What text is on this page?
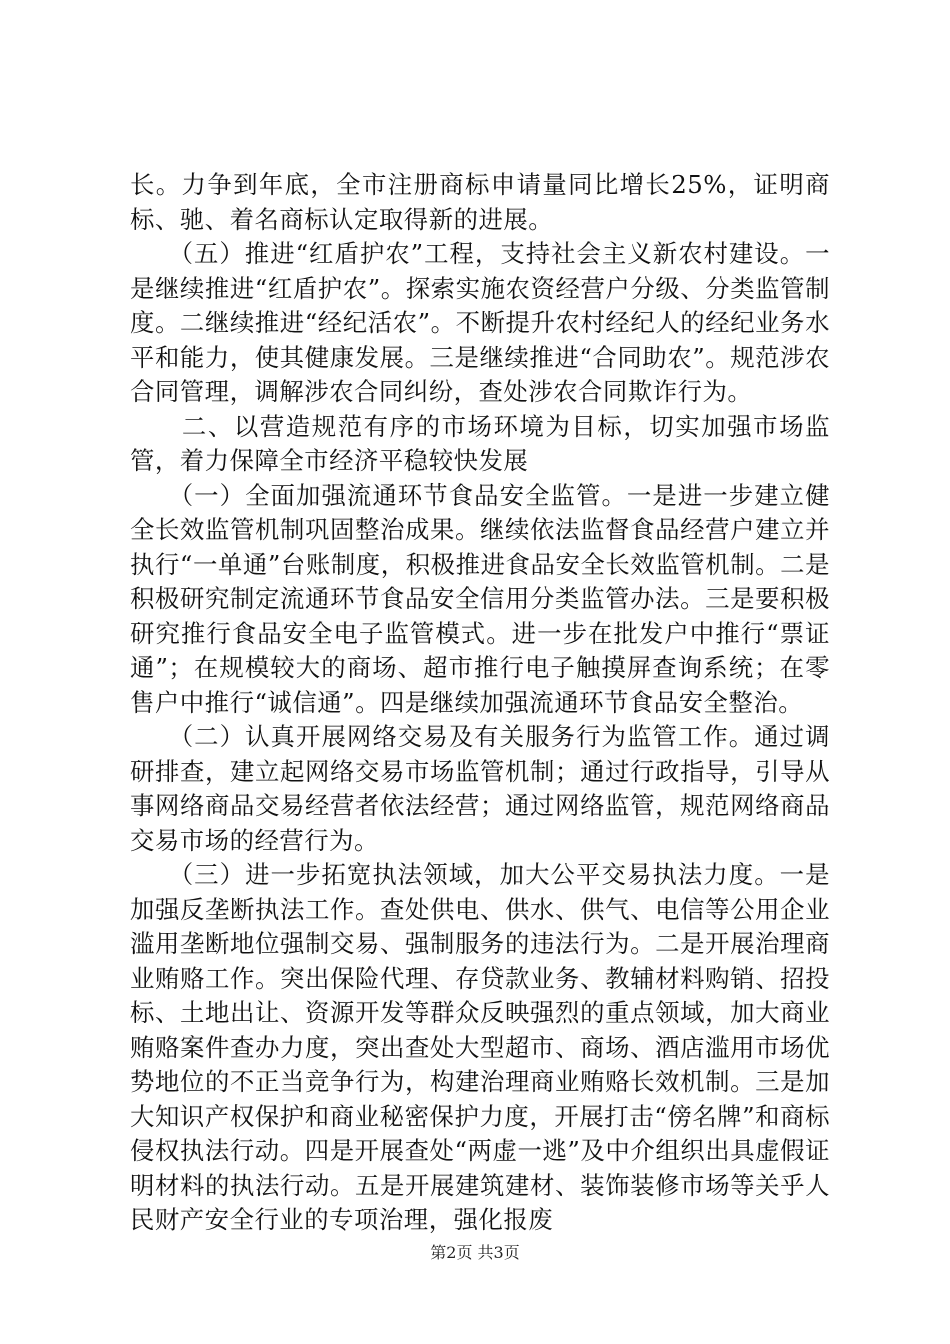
长。力争到年底，全市注册商标申请量同比增长25%，证明商标、驰、着名商标认定取得新的进展。

　　（五）推进“红盾护农”工程，支持社会主义新农村建设。一是继续推进“红盾护农”。探索实施农资经营户分级、分类监管制度。二继续推进“经纪活农”。不断提升农村经纪人的经纪业务水平和能力，使其健康发展。三是继续推进“合同助农”。规范涉农合同管理，调解涉农合同纠纷，查处涉农合同欺诈行为。

　　二、以营造规范有序的市场环境为目标，切实加强市场监管，着力保障全市经济平稳较快发展

　　（一）全面加强流通环节食品安全监管。一是进一步建立健全长效监管机制巩固整治成果。继续依法监督食品经营户建立并执行“一单通”台账制度，积极推进食品安全长效监管机制。二是积极研究制定流通环节食品安全信用分类监管办法。三是要积极研究推行食品安全电子监管模式。进一步在批发户中推行“票证通”；在规模较大的商场、超市推行电子触摸屏查询系统；在零售户中推行“诚信通”。四是继续加强流通环节食品安全整治。

　　（二）认真开展网络交易及有关服务行为监管工作。通过调研排查，建立起网络交易市场监管机制；通过行政指导，引导从事网络商品交易经营者依法经营；通过网络监管，规范网络商品交易市场的经营行为。

　　（三）进一步拓宽执法领域，加大公平交易执法力度。一是加强反垄断执法工作。查处供电、供水、供气、电信等公用企业滥用垄断地位强制交易、强制服务的违法行为。二是开展治理商业贿赂工作。突出保险代理、存贷款业务、教辅材料购销、招投标、土地出让、资源开发等群众反映强烈的重点领域，加大商业贿赂案件查办力度，突出查处大型超市、商场、酒店滥用市场优势地位的不正当竞争行为，构建治理商业贿赂长效机制。三是加大知识产权保护和商业秘密保护力度，开展打击“傍名牌”和商标侵权执法行动。四是开展查处“两虚一逃”及中介组织出具虚假证明材料的执法行动。五是开展建筑建材、装饰装修市场等关乎人民财产安全行业的专项治理，强化报废

第2页 共3页
